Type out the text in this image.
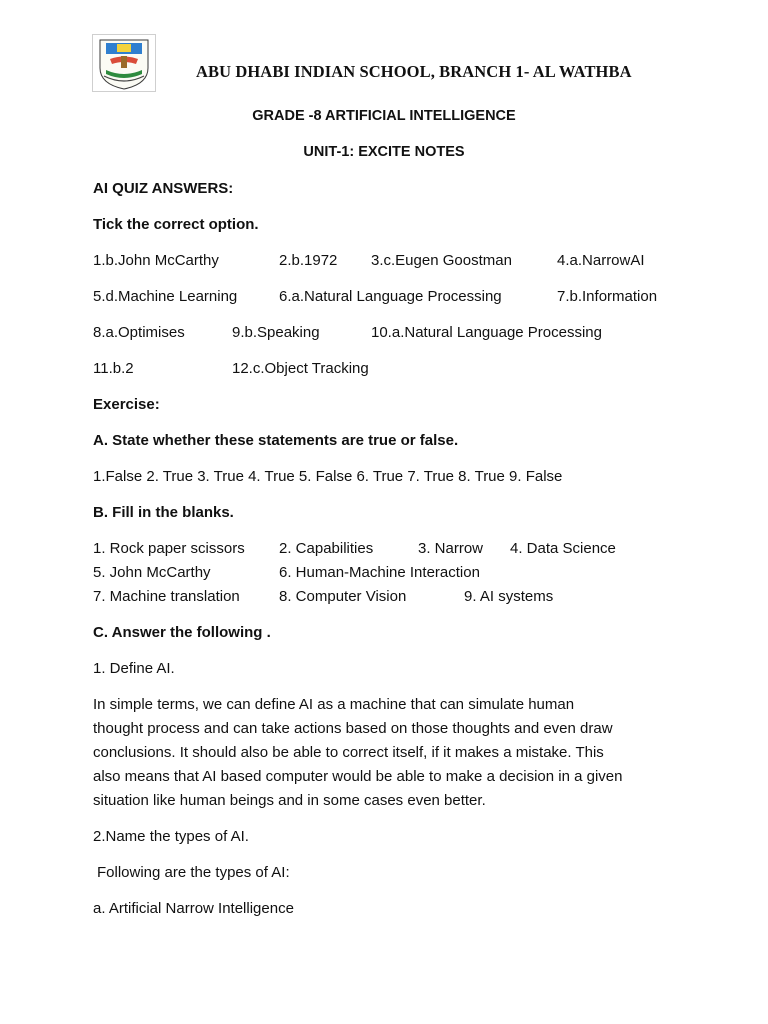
ABU DHABI INDIAN SCHOOL, BRANCH 1- AL WATHBA
GRADE -8 ARTIFICIAL INTELLIGENCE
UNIT-1: EXCITE NOTES
AI QUIZ ANSWERS:
Tick the correct option.
1.b.John McCarthy	2.b.1972 3.c.Eugen Goostman	4.a.NarrowAI
5.d.Machine Learning	6.a.Natural Language Processing	7.b.Information
8.a.Optimises	9.b.Speaking	10.a.Natural Language Processing
11.b.2	12.c.Object Tracking
Exercise:
A. State whether these statements are true or false.
1.False 2. True 3. True 4. True 5. False 6. True 7. True 8. True 9. False
B. Fill in the blanks.
1. Rock paper scissors 2. Capabilities	3. Narrow 4. Data Science
5. John McCarthy	6. Human-Machine Interaction
7. Machine translation	8. Computer Vision	9. AI systems
C. Answer the following .
1. Define AI.
In simple terms, we can define AI as a machine that can simulate human
thought process and can take actions based on those thoughts and even draw
conclusions. It should also be able to correct itself, if it makes a mistake. This
also means that AI based computer would be able to make a decision in a given
situation like human beings and in some cases even better.
2.Name the types of AI.
Following are the types of AI:
a. Artificial Narrow Intelligence
